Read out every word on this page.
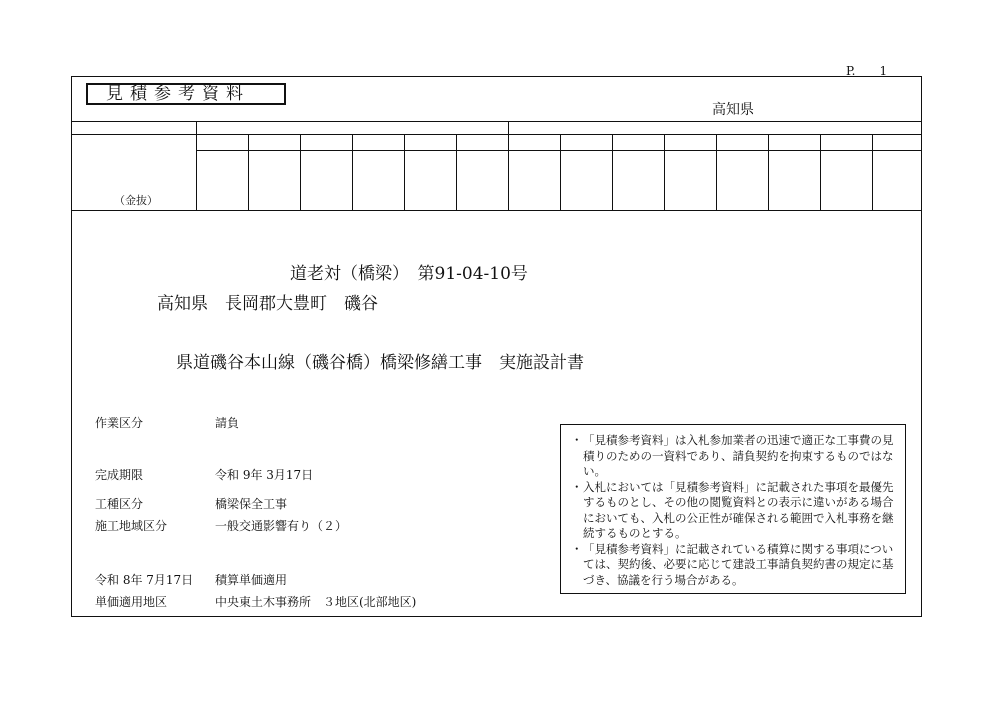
P.　　1
見積参考資料
高知県
（金抜）
道老対（橋梁）　第91-04-10号
高知県　長岡郡大豊町　磯谷
県道磯谷本山線（磯谷橋）橋梁修繕工事　実施設計書
作業区分	請負
完成期限	令和 9年 3月17日
工種区分	橋梁保全工事
施工地域区分	一般交通影響有り（２）
令和 8年 7月17日 積算単価適用
単価適用地区	中央東土木事務所　３地区(北部地区)

・ 「見積参考資料」は入札参加業者の迅速で適正な工事費の見積りのための一資料であり、請負契約を拘束するものではない。

・ 入札においては「見積参考資料」に記載された事項を最優先するものとし、その他の閲覧資料との表示に違いがある場合においても、入札の公正性が確保される範囲で入札事務を継続するものとする。

・ 「見積参考資料」に記載されている積算に関する事項については、契約後、必要に応じて建設工事請負契約書の規定に基づき、協議を行う場合がある。
